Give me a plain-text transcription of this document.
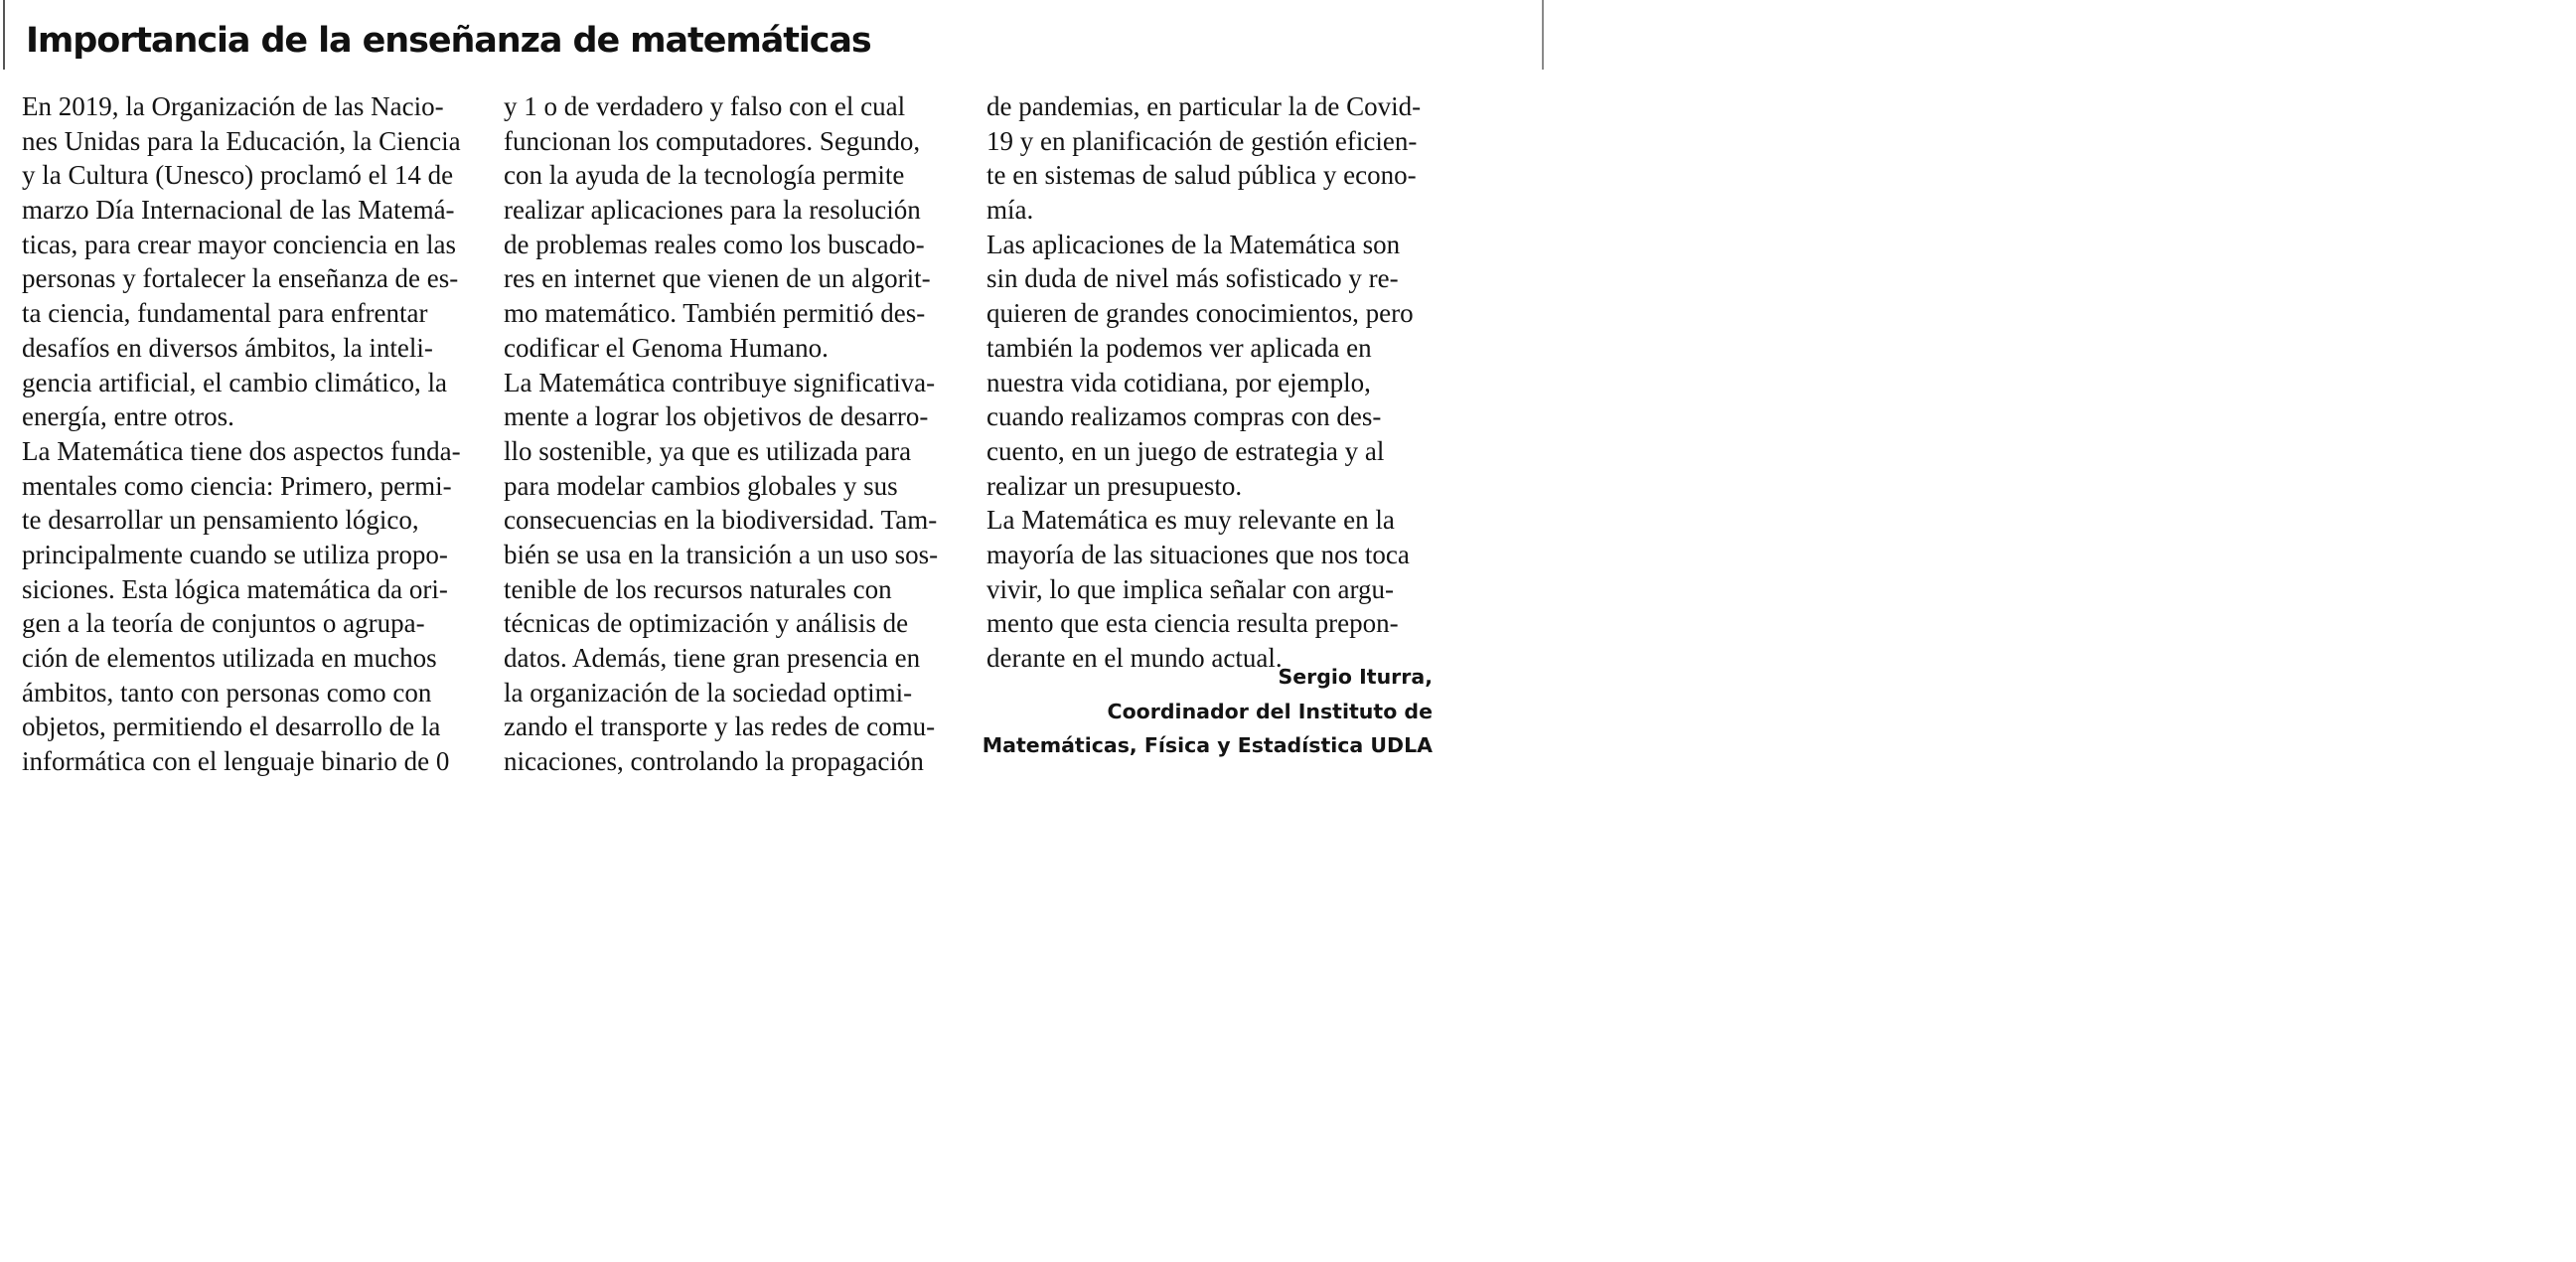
Importancia de la enseñanza de matemáticas
En 2019, la Organización de las Nacio-
nes Unidas para la Educación, la Ciencia
y la Cultura (Unesco) proclamó el 14 de
marzo Día Internacional de las Matemá-
ticas, para crear mayor conciencia en las
personas y fortalecer la enseñanza de es-
ta ciencia, fundamental para enfrentar
desafíos en diversos ámbitos, la inteli-
gencia artificial, el cambio climático, la
energía, entre otros.
La Matemática tiene dos aspectos funda-
mentales como ciencia: Primero, permi-
te desarrollar un pensamiento lógico,
principalmente cuando se utiliza propo-
siciones. Esta lógica matemática da ori-
gen a la teoría de conjuntos o agrupa-
ción de elementos utilizada en muchos
ámbitos, tanto con personas como con
objetos, permitiendo el desarrollo de la
informática con el lenguaje binario de 0
y 1 o de verdadero y falso con el cual
funcionan los computadores. Segundo,
con la ayuda de la tecnología permite
realizar aplicaciones para la resolución
de problemas reales como los buscado-
res en internet que vienen de un algorit-
mo matemático. También permitió des-
codificar el Genoma Humano.
La Matemática contribuye significativa-
mente a lograr los objetivos de desarro-
llo sostenible, ya que es utilizada para
para modelar cambios globales y sus
consecuencias en la biodiversidad. Tam-
bién se usa en la transición a un uso sos-
tenible de los recursos naturales con
técnicas de optimización y análisis de
datos. Además, tiene gran presencia en
la organización de la sociedad optimi-
zando el transporte y las redes de comu-
nicaciones, controlando la propagación
de pandemias, en particular la de Covid-
19 y en planificación de gestión eficien-
te en sistemas de salud pública y econo-
mía.
Las aplicaciones de la Matemática son
sin duda de nivel más sofisticado y re-
quieren de grandes conocimientos, pero
también la podemos ver aplicada en
nuestra vida cotidiana, por ejemplo,
cuando realizamos compras con des-
cuento, en un juego de estrategia y al
realizar un presupuesto.
La Matemática es muy relevante en la
mayoría de las situaciones que nos toca
vivir, lo que implica señalar con argu-
mento que esta ciencia resulta prepon-
derante en el mundo actual.
Sergio Iturra,
Coordinador del Instituto de
Matemáticas, Física y Estadística UDLA
